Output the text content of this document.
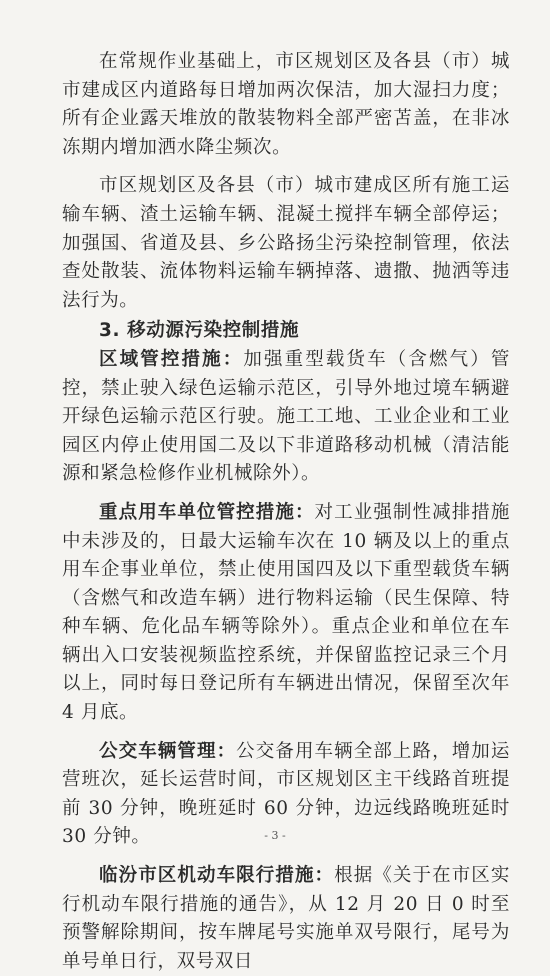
在常规作业基础上，市区规划区及各县（市）城市建成区内道路每日增加两次保洁，加大湿扫力度；所有企业露天堆放的散装物料全部严密苫盖，在非冰冻期内增加洒水降尘频次。

市区规划区及各县（市）城市建成区所有施工运输车辆、渣土运输车辆、混凝土搅拌车辆全部停运；加强国、省道及县、乡公路扬尘污染控制管理，依法查处散装、流体物料运输车辆掉落、遗撒、抛洒等违法行为。

3. 移动源污染控制措施

区域管控措施：加强重型载货车（含燃气）管控，禁止驶入绿色运输示范区，引导外地过境车辆避开绿色运输示范区行驶。施工工地、工业企业和工业园区内停止使用国二及以下非道路移动机械（清洁能源和紧急检修作业机械除外）。

重点用车单位管控措施：对工业强制性减排措施中未涉及的，日最大运输车次在 10 辆及以上的重点用车企事业单位，禁止使用国四及以下重型载货车辆（含燃气和改造车辆）进行物料运输（民生保障、特种车辆、危化品车辆等除外）。重点企业和单位在车辆出入口安装视频监控系统，并保留监控记录三个月以上，同时每日登记所有车辆进出情况，保留至次年 4 月底。

公交车辆管理：公交备用车辆全部上路，增加运营班次，延长运营时间，市区规划区主干线路首班提前 30 分钟，晚班延时 60 分钟，边远线路晚班延时 30 分钟。

临汾市区机动车限行措施：根据《关于在市区实行机动车限行措施的通告》，从 12 月 20 日 0 时至预警解除期间，按车牌尾号实施单双号限行，尾号为单号单日行，双号双日

- 3 -
